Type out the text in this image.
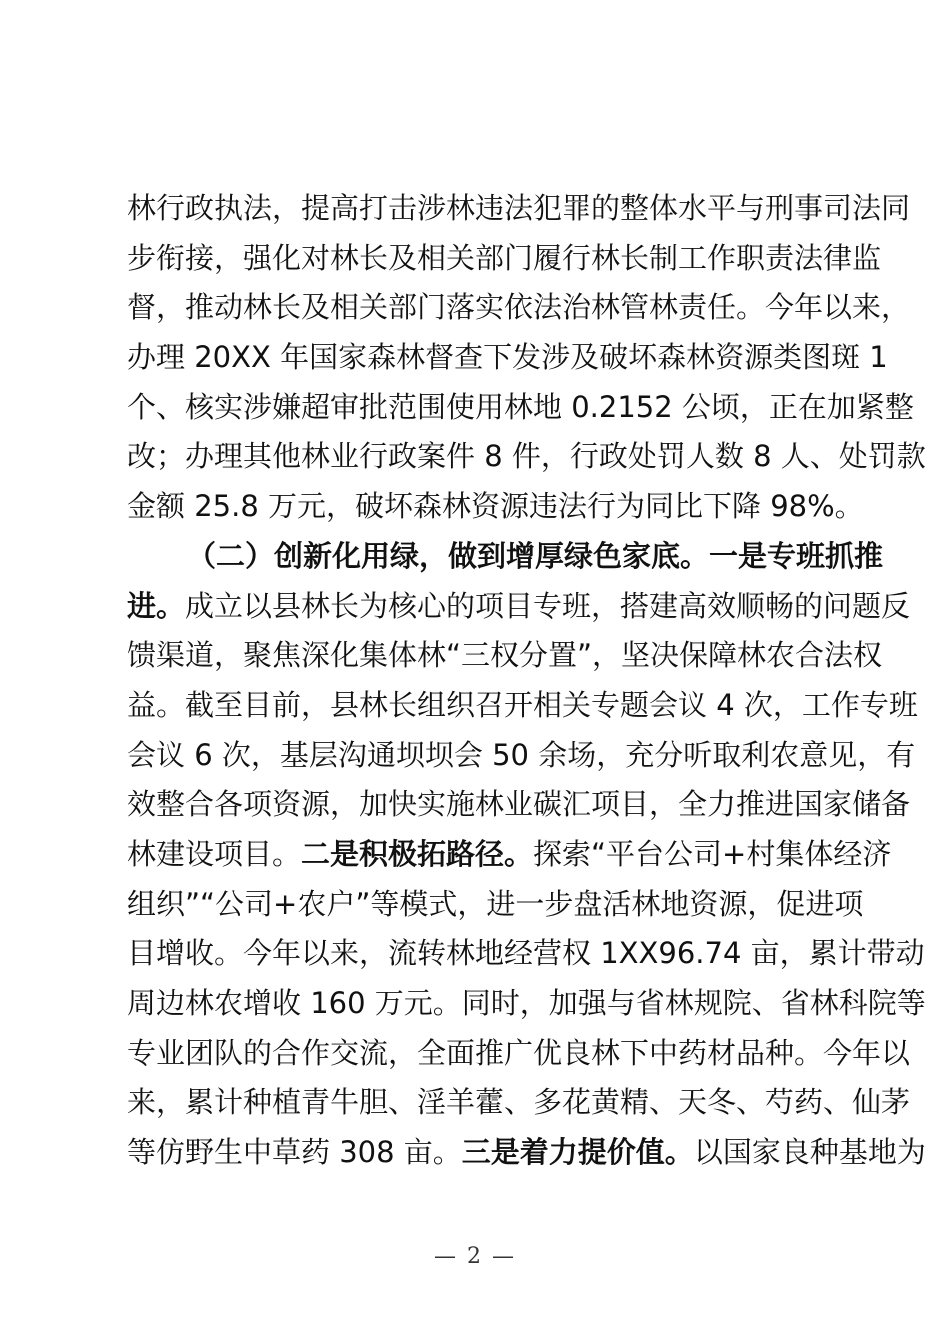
林行政执法，提高打击涉林违法犯罪的整体水平与刑事司法同
步衔接，强化对林长及相关部门履行林长制工作职责法律监
督，推动林长及相关部门落实依法治林管林责任。今年以来，
办理 20XX 年国家森林督查下发涉及破坏森林资源类图斑 1
个、核实涉嫌超审批范围使用林地 0.2152 公顷，正在加紧整
改；办理其他林业行政案件 8 件，行政处罚人数 8 人、处罚款
金额 25.8 万元，破坏森林资源违法行为同比下降 98%。
（二）创新化用绿，做到增厚绿色家底。一是专班抓推
进。成立以县林长为核心的项目专班，搭建高效顺畅的问题反
馈渠道，聚焦深化集体林“三权分置”，坚决保障林农合法权
益。截至目前，县林长组织召开相关专题会议 4 次，工作专班
会议 6 次，基层沟通坝坝会 50 余场，充分听取利农意见，有
效整合各项资源，加快实施林业碳汇项目，全力推进国家储备
林建设项目。二是积极拓路径。探索“平台公司+村集体经济
组织”“公司+农户”等模式，进一步盘活林地资源，促进项
目增收。今年以来，流转林地经营权 1XX96.74 亩，累计带动
周边林农增收 160 万元。同时，加强与省林规院、省林科院等
专业团队的合作交流，全面推广优良林下中药材品种。今年以
来，累计种植青牛胆、淫羊藿、多花黄精、天冬、芍药、仙茅
等仿野生中草药 308 亩。三是着力提价值。以国家良种基地为
— 2 —
